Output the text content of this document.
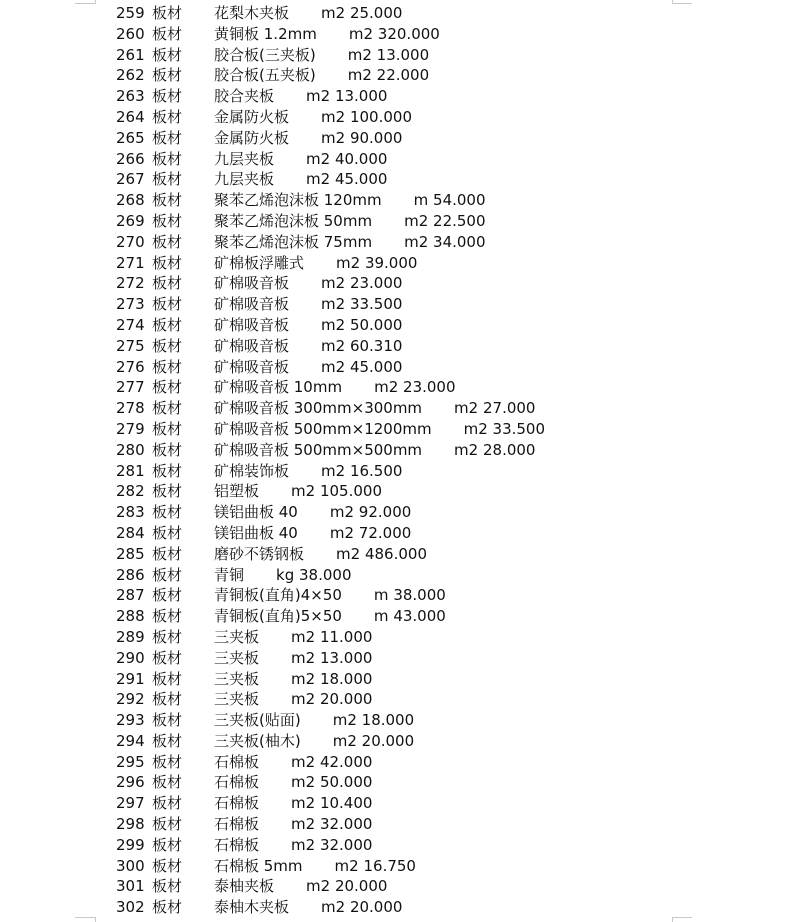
259 板材 花梨木夹板 m2 25.000
260 板材 黄铜板 1.2mm m2 320.000
261 板材 胶合板(三夹板) m2 13.000
262 板材 胶合板(五夹板) m2 22.000
263 板材 胶合夹板 m2 13.000
264 板材 金属防火板 m2 100.000
265 板材 金属防火板 m2 90.000
266 板材 九层夹板 m2 40.000
267 板材 九层夹板 m2 45.000
268 板材 聚苯乙烯泡沫板 120mm m 54.000
269 板材 聚苯乙烯泡沫板 50mm m2 22.500
270 板材 聚苯乙烯泡沫板 75mm m2 34.000
271 板材 矿棉板浮雕式 m2 39.000
272 板材 矿棉吸音板 m2 23.000
273 板材 矿棉吸音板 m2 33.500
274 板材 矿棉吸音板 m2 50.000
275 板材 矿棉吸音板 m2 60.310
276 板材 矿棉吸音板 m2 45.000
277 板材 矿棉吸音板 10mm m2 23.000
278 板材 矿棉吸音板 300mm×300mm m2 27.000
279 板材 矿棉吸音板 500mm×1200mm m2 33.500
280 板材 矿棉吸音板 500mm×500mm m2 28.000
281 板材 矿棉装饰板 m2 16.500
282 板材 铝塑板 m2 105.000
283 板材 镁铝曲板 40 m2 92.000
284 板材 镁铝曲板 40 m2 72.000
285 板材 磨砂不锈钢板 m2 486.000
286 板材 青铜 kg 38.000
287 板材 青铜板(直角)4×50 m 38.000
288 板材 青铜板(直角)5×50 m 43.000
289 板材 三夹板 m2 11.000
290 板材 三夹板 m2 13.000
291 板材 三夹板 m2 18.000
292 板材 三夹板 m2 20.000
293 板材 三夹板(贴面) m2 18.000
294 板材 三夹板(柚木) m2 20.000
295 板材 石棉板 m2 42.000
296 板材 石棉板 m2 50.000
297 板材 石棉板 m2 10.400
298 板材 石棉板 m2 32.000
299 板材 石棉板 m2 32.000
300 板材 石棉板 5mm m2 16.750
301 板材 泰柚夹板 m2 20.000
302 板材 泰柚木夹板 m2 20.000
